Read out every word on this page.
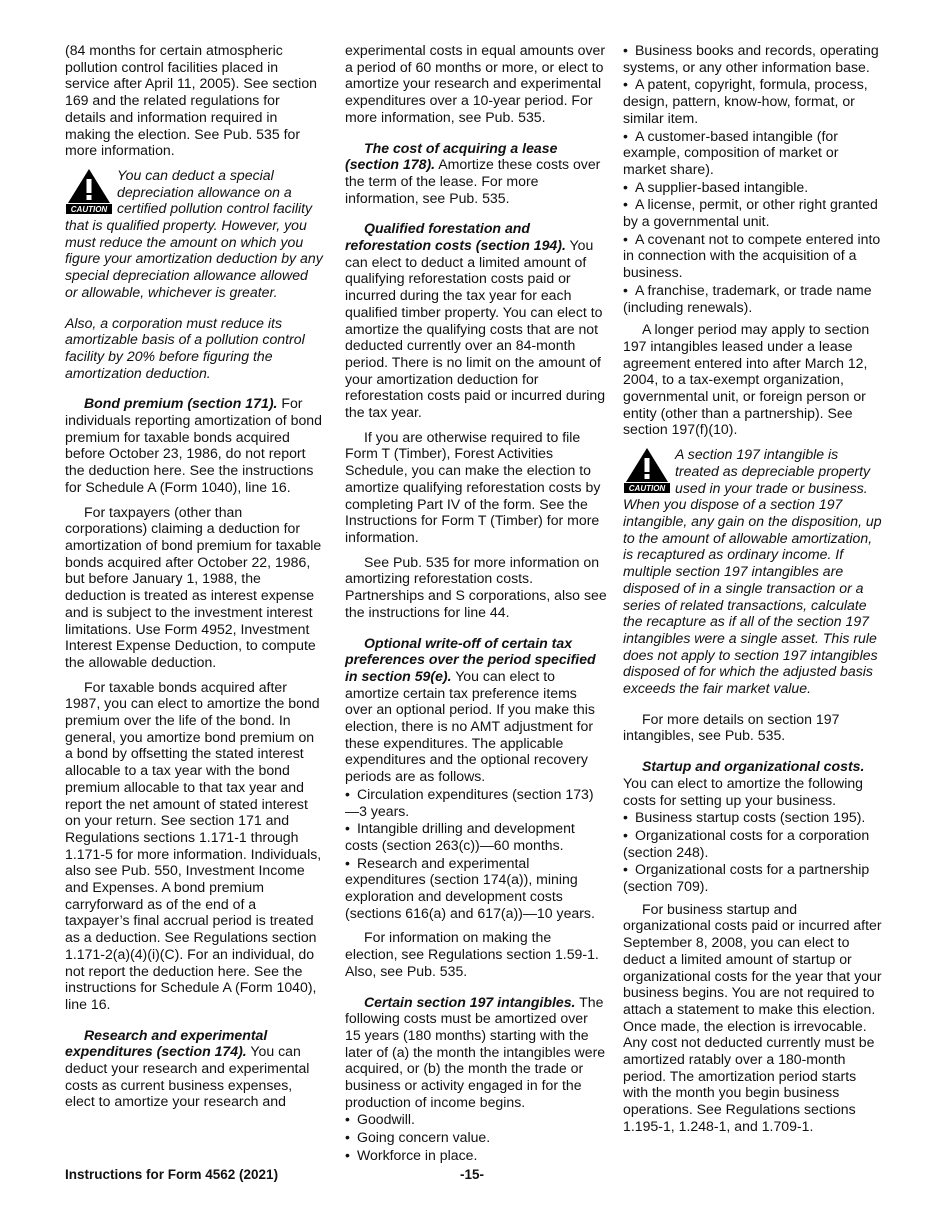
(84 months for certain atmospheric pollution control facilities placed in service after April 11, 2005). See section 169 and the related regulations for details and information required in making the election. See Pub. 535 for more information.

CAUTION

You can deduct a special depreciation allowance on a certified pollution control facility that is qualified property. However, you must reduce the amount on which you figure your amortization deduction by any special depreciation allowance allowed or allowable, whichever is greater.

Also, a corporation must reduce its amortizable basis of a pollution control facility by 20% before figuring the amortization deduction.

Bond premium (section 171). For individuals reporting amortization of bond premium for taxable bonds acquired before October 23, 1986, do not report the deduction here. See the instructions for Schedule A (Form 1040), line 16.

For taxpayers (other than corporations) claiming a deduction for amortization of bond premium for taxable bonds acquired after October 22, 1986, but before January 1, 1988, the deduction is treated as interest expense and is subject to the investment interest limitations. Use Form 4952, Investment Interest Expense Deduction, to compute the allowable deduction.

For taxable bonds acquired after 1987, you can elect to amortize the bond premium over the life of the bond. In general, you amortize bond premium on a bond by offsetting the stated interest allocable to a tax year with the bond premium allocable to that tax year and report the net amount of stated interest on your return. See section 171 and Regulations sections 1.171-1 through 1.171-5 for more information. Individuals, also see Pub. 550, Investment Income and Expenses. A bond premium carryforward as of the end of a taxpayer’s final accrual period is treated as a deduction. See Regulations section 1.171-2(a)(4)(i)(C). For an individual, do not report the deduction here. See the instructions for Schedule A (Form 1040), line 16.

Research and experimental expenditures (section 174). You can deduct your research and experimental costs as current business expenses, elect to amortize your research and

experimental costs in equal amounts over a period of 60 months or more, or elect to amortize your research and experimental expenditures over a 10-year period. For more information, see Pub. 535.

The cost of acquiring a lease (section 178). Amortize these costs over the term of the lease. For more information, see Pub. 535.

Qualified forestation and reforestation costs (section 194). You can elect to deduct a limited amount of qualifying reforestation costs paid or incurred during the tax year for each qualified timber property. You can elect to amortize the qualifying costs that are not deducted currently over an 84-month period. There is no limit on the amount of your amortization deduction for reforestation costs paid or incurred during the tax year.

If you are otherwise required to file Form T (Timber), Forest Activities Schedule, you can make the election to amortize qualifying reforestation costs by completing Part IV of the form. See the Instructions for Form T (Timber) for more information.

See Pub. 535 for more information on amortizing reforestation costs. Partnerships and S corporations, also see the instructions for line 44.

Optional write-off of certain tax preferences over the period specified in section 59(e). You can elect to amortize certain tax preference items over an optional period. If you make this election, there is no AMT adjustment for these expenditures. The applicable expenditures and the optional recovery periods are as follows.

• Circulation expenditures (section 173)—3 years.
• Intangible drilling and development costs (section 263(c))—60 months.
• Research and experimental expenditures (section 174(a)), mining exploration and development costs (sections 616(a) and 617(a))—10 years.

For information on making the election, see Regulations section 1.59-1. Also, see Pub. 535.

Certain section 197 intangibles. The following costs must be amortized over 15 years (180 months) starting with the later of (a) the month the intangibles were acquired, or (b) the month the trade or business or activity engaged in for the production of income begins.

• Goodwill.
• Going concern value.
• Workforce in place.
• Business books and records, operating systems, or any other information base.
• A patent, copyright, formula, process, design, pattern, know-how, format, or similar item.
• A customer-based intangible (for example, composition of market or market share).
• A supplier-based intangible.
• A license, permit, or other right granted by a governmental unit.
• A covenant not to compete entered into in connection with the acquisition of a business.
• A franchise, trademark, or trade name (including renewals).

A longer period may apply to section 197 intangibles leased under a lease agreement entered into after March 12, 2004, to a tax-exempt organization, governmental unit, or foreign person or entity (other than a partnership). See section 197(f)(10).

CAUTION

A section 197 intangible is treated as depreciable property used in your trade or business. When you dispose of a section 197 intangible, any gain on the disposition, up to the amount of allowable amortization, is recaptured as ordinary income. If multiple section 197 intangibles are disposed of in a single transaction or a series of related transactions, calculate the recapture as if all of the section 197 intangibles were a single asset. This rule does not apply to section 197 intangibles disposed of for which the adjusted basis exceeds the fair market value.

For more details on section 197 intangibles, see Pub. 535.

Startup and organizational costs. You can elect to amortize the following costs for setting up your business.

• Business startup costs (section 195).
• Organizational costs for a corporation (section 248).
• Organizational costs for a partnership (section 709).

For business startup and organizational costs paid or incurred after September 8, 2008, you can elect to deduct a limited amount of startup or organizational costs for the year that your business begins. You are not required to attach a statement to make this election. Once made, the election is irrevocable. Any cost not deducted currently must be amortized ratably over a 180-month period. The amortization period starts with the month you begin business operations. See Regulations sections 1.195-1, 1.248-1, and 1.709-1.

Instructions for Form 4562 (2021)	-15-
